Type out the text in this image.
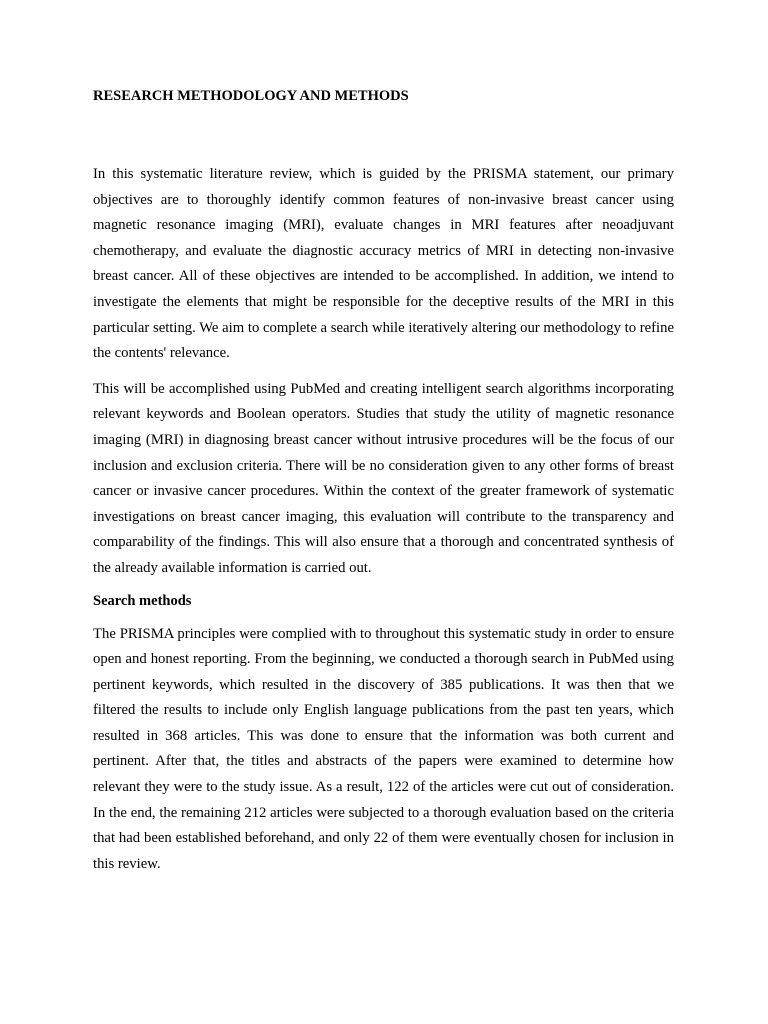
RESEARCH METHODOLOGY AND METHODS

In this systematic literature review, which is guided by the PRISMA statement, our primary objectives are to thoroughly identify common features of non-invasive breast cancer using magnetic resonance imaging (MRI), evaluate changes in MRI features after neoadjuvant chemotherapy, and evaluate the diagnostic accuracy metrics of MRI in detecting non-invasive breast cancer. All of these objectives are intended to be accomplished. In addition, we intend to investigate the elements that might be responsible for the deceptive results of the MRI in this particular setting. We aim to complete a search while iteratively altering our methodology to refine the contents' relevance.

This will be accomplished using PubMed and creating intelligent search algorithms incorporating relevant keywords and Boolean operators. Studies that study the utility of magnetic resonance imaging (MRI) in diagnosing breast cancer without intrusive procedures will be the focus of our inclusion and exclusion criteria. There will be no consideration given to any other forms of breast cancer or invasive cancer procedures. Within the context of the greater framework of systematic investigations on breast cancer imaging, this evaluation will contribute to the transparency and comparability of the findings. This will also ensure that a thorough and concentrated synthesis of the already available information is carried out.

Search methods

The PRISMA principles were complied with to throughout this systematic study in order to ensure open and honest reporting. From the beginning, we conducted a thorough search in PubMed using pertinent keywords, which resulted in the discovery of 385 publications. It was then that we filtered the results to include only English language publications from the past ten years, which resulted in 368 articles. This was done to ensure that the information was both current and pertinent. After that, the titles and abstracts of the papers were examined to determine how relevant they were to the study issue. As a result, 122 of the articles were cut out of consideration. In the end, the remaining 212 articles were subjected to a thorough evaluation based on the criteria that had been established beforehand, and only 22 of them were eventually chosen for inclusion in this review.
